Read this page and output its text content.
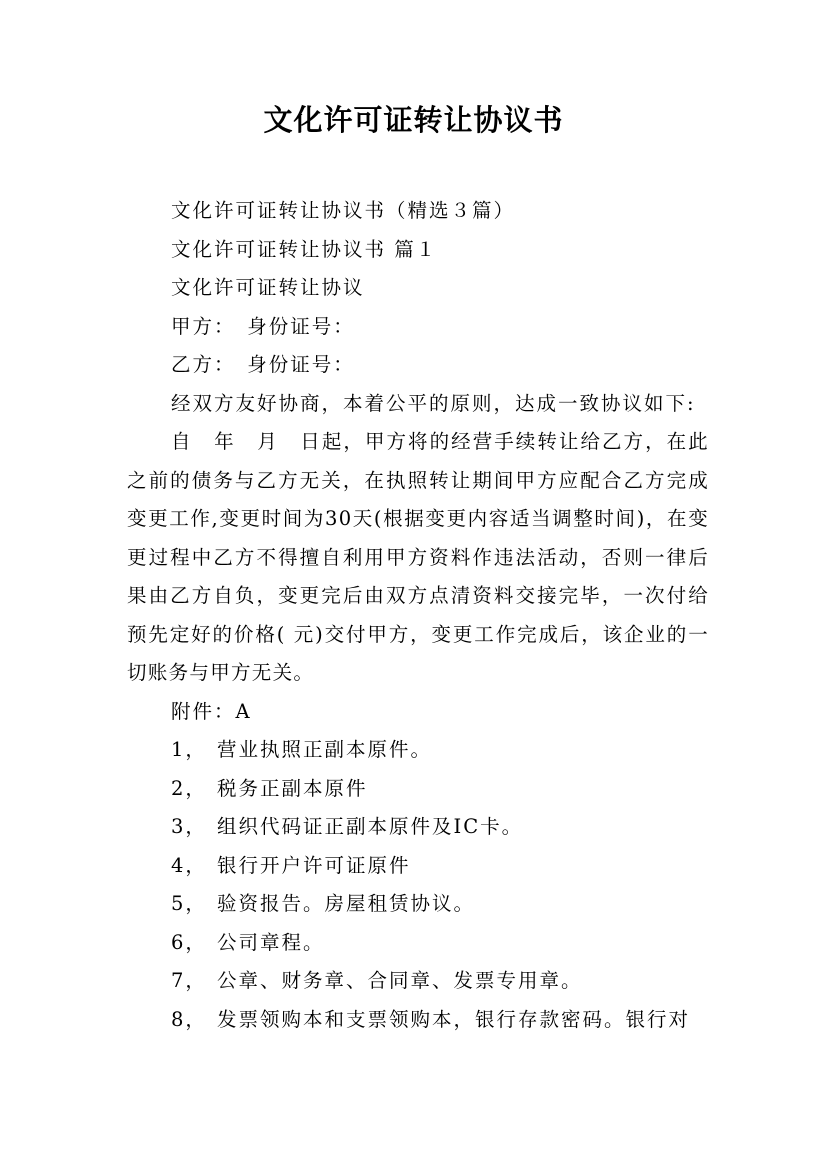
文化许可证转让协议书

文化许可证转让协议书（精选３篇）

文化许可证转让协议书 篇１

文化许可证转让协议

甲方：　身份证号：

乙方：　身份证号：

经双方友好协商，本着公平的原则，达成一致协议如下:

自　年　月　日起，甲方将的经营手续转让给乙方，在此之前的债务与乙方无关，在执照转让期间甲方应配合乙方完成变更工作,变更时间为30天(根据变更内容适当调整时间)，在变更过程中乙方不得擅自利用甲方资料作违法活动，否则一律后果由乙方自负，变更完后由双方点清资料交接完毕，一次付给预先定好的价格( 元)交付甲方，变更工作完成后，该企业的一切账务与甲方无关。

附件：A

1， 营业执照正副本原件。

2， 税务正副本原件

3， 组织代码证正副本原件及IC卡。

4， 银行开户许可证原件

5， 验资报告。房屋租赁协议。

6， 公司章程。

7， 公章、财务章、合同章、发票专用章。

8， 发票领购本和支票领购本，银行存款密码。银行对
